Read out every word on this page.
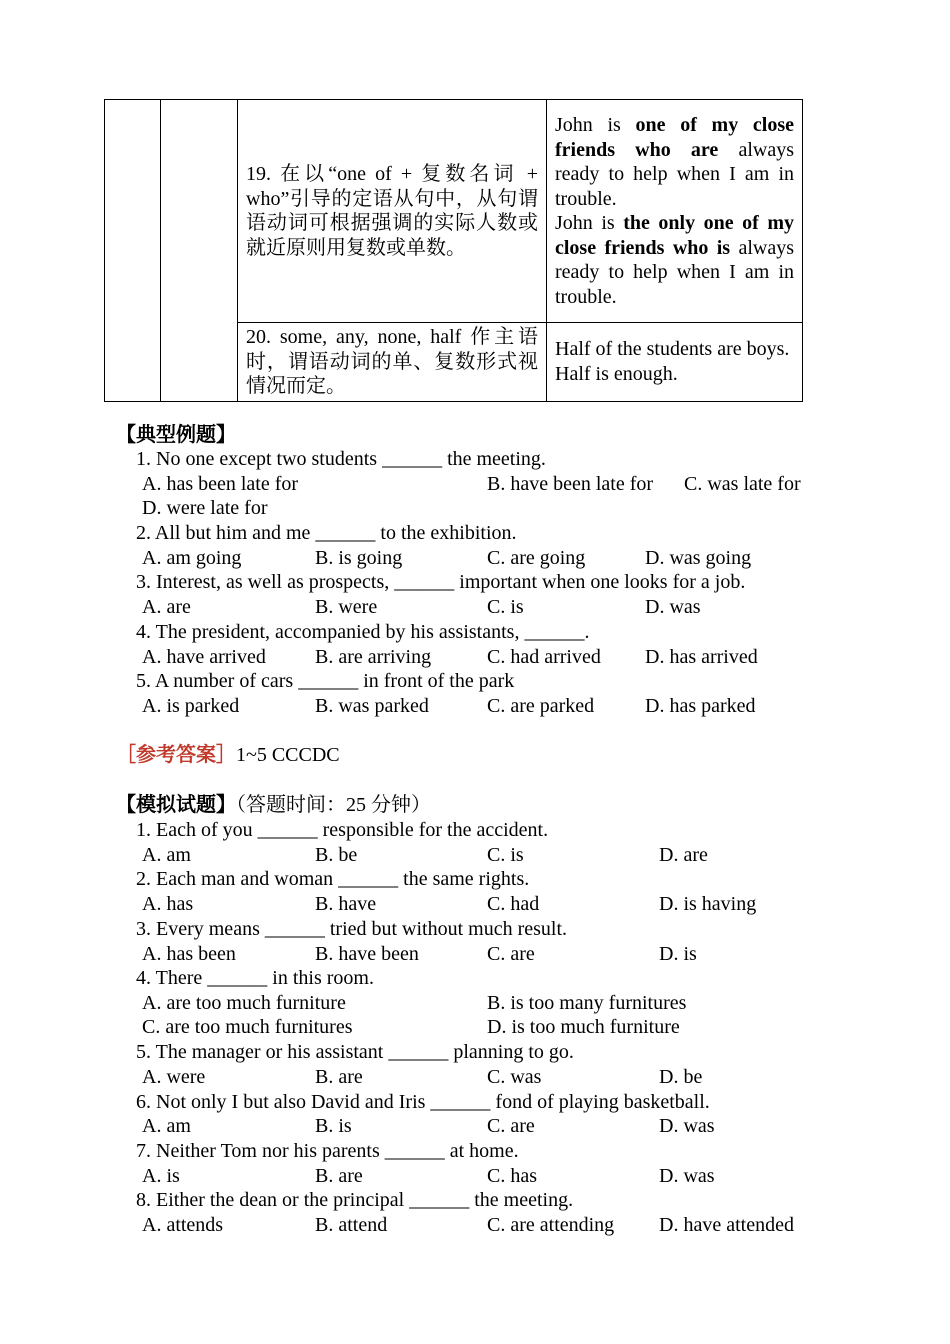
		19. 在以“one of + 复数名词 + who”引导的定语从句中，从句谓语动词可根据强调的实际人数或就近原则用复数或单数。	John is one of my close friends who are always ready to help when I am in trouble.
John is the only one of my close friends who is always ready to help when I am in trouble.

		20. some, any, none, half 作主语时，谓语动词的单、复数形式视情况而定。	Half of the students are boys.
Half is enough.
【典型例题】
1. No one except two students ______ the meeting.
A. has been late for	B. have been late for C. was late for
D. were late for
2. All but him and me ______ to the exhibition.
A. am going	B. is going	C. are going	D. was going
3. Interest, as well as prospects, ______ important when one looks for a job.
A. are	B. were	C. is	D. was
4. The president, accompanied by his assistants, ______.
A. have arrived B. are arriving	C. had arrived D. has arrived
5. A number of cars ______ in front of the park
A. is parked	B. was parked	C. are parked	D. has parked
［参考答案］1~5 CCCDC
【模拟试题】（答题时间：25 分钟）
1. Each of you ______ responsible for the accident.
A. am	B. be	C. is	D. are
2. Each man and woman ______ the same rights.
A. has	B. have	C. had	D. is having
3. Every means ______ tried but without much result.
A. has been	B. have been	C. are	D. is
4. There ______ in this room.
A. are too much furniture	B. is too many furnitures
C. are too much furnitures	D. is too much furniture
5. The manager or his assistant ______ planning to go.
A. were	B. are	C. was	D. be
6. Not only I but also David and Iris ______ fond of playing basketball.
A. am	B. is	C. are	D. was
7. Neither Tom nor his parents ______ at home.
A. is	B. are	C. has	D. was
8. Either the dean or the principal ______ the meeting.
A. attends	B. attend	C. are attending D. have attended
